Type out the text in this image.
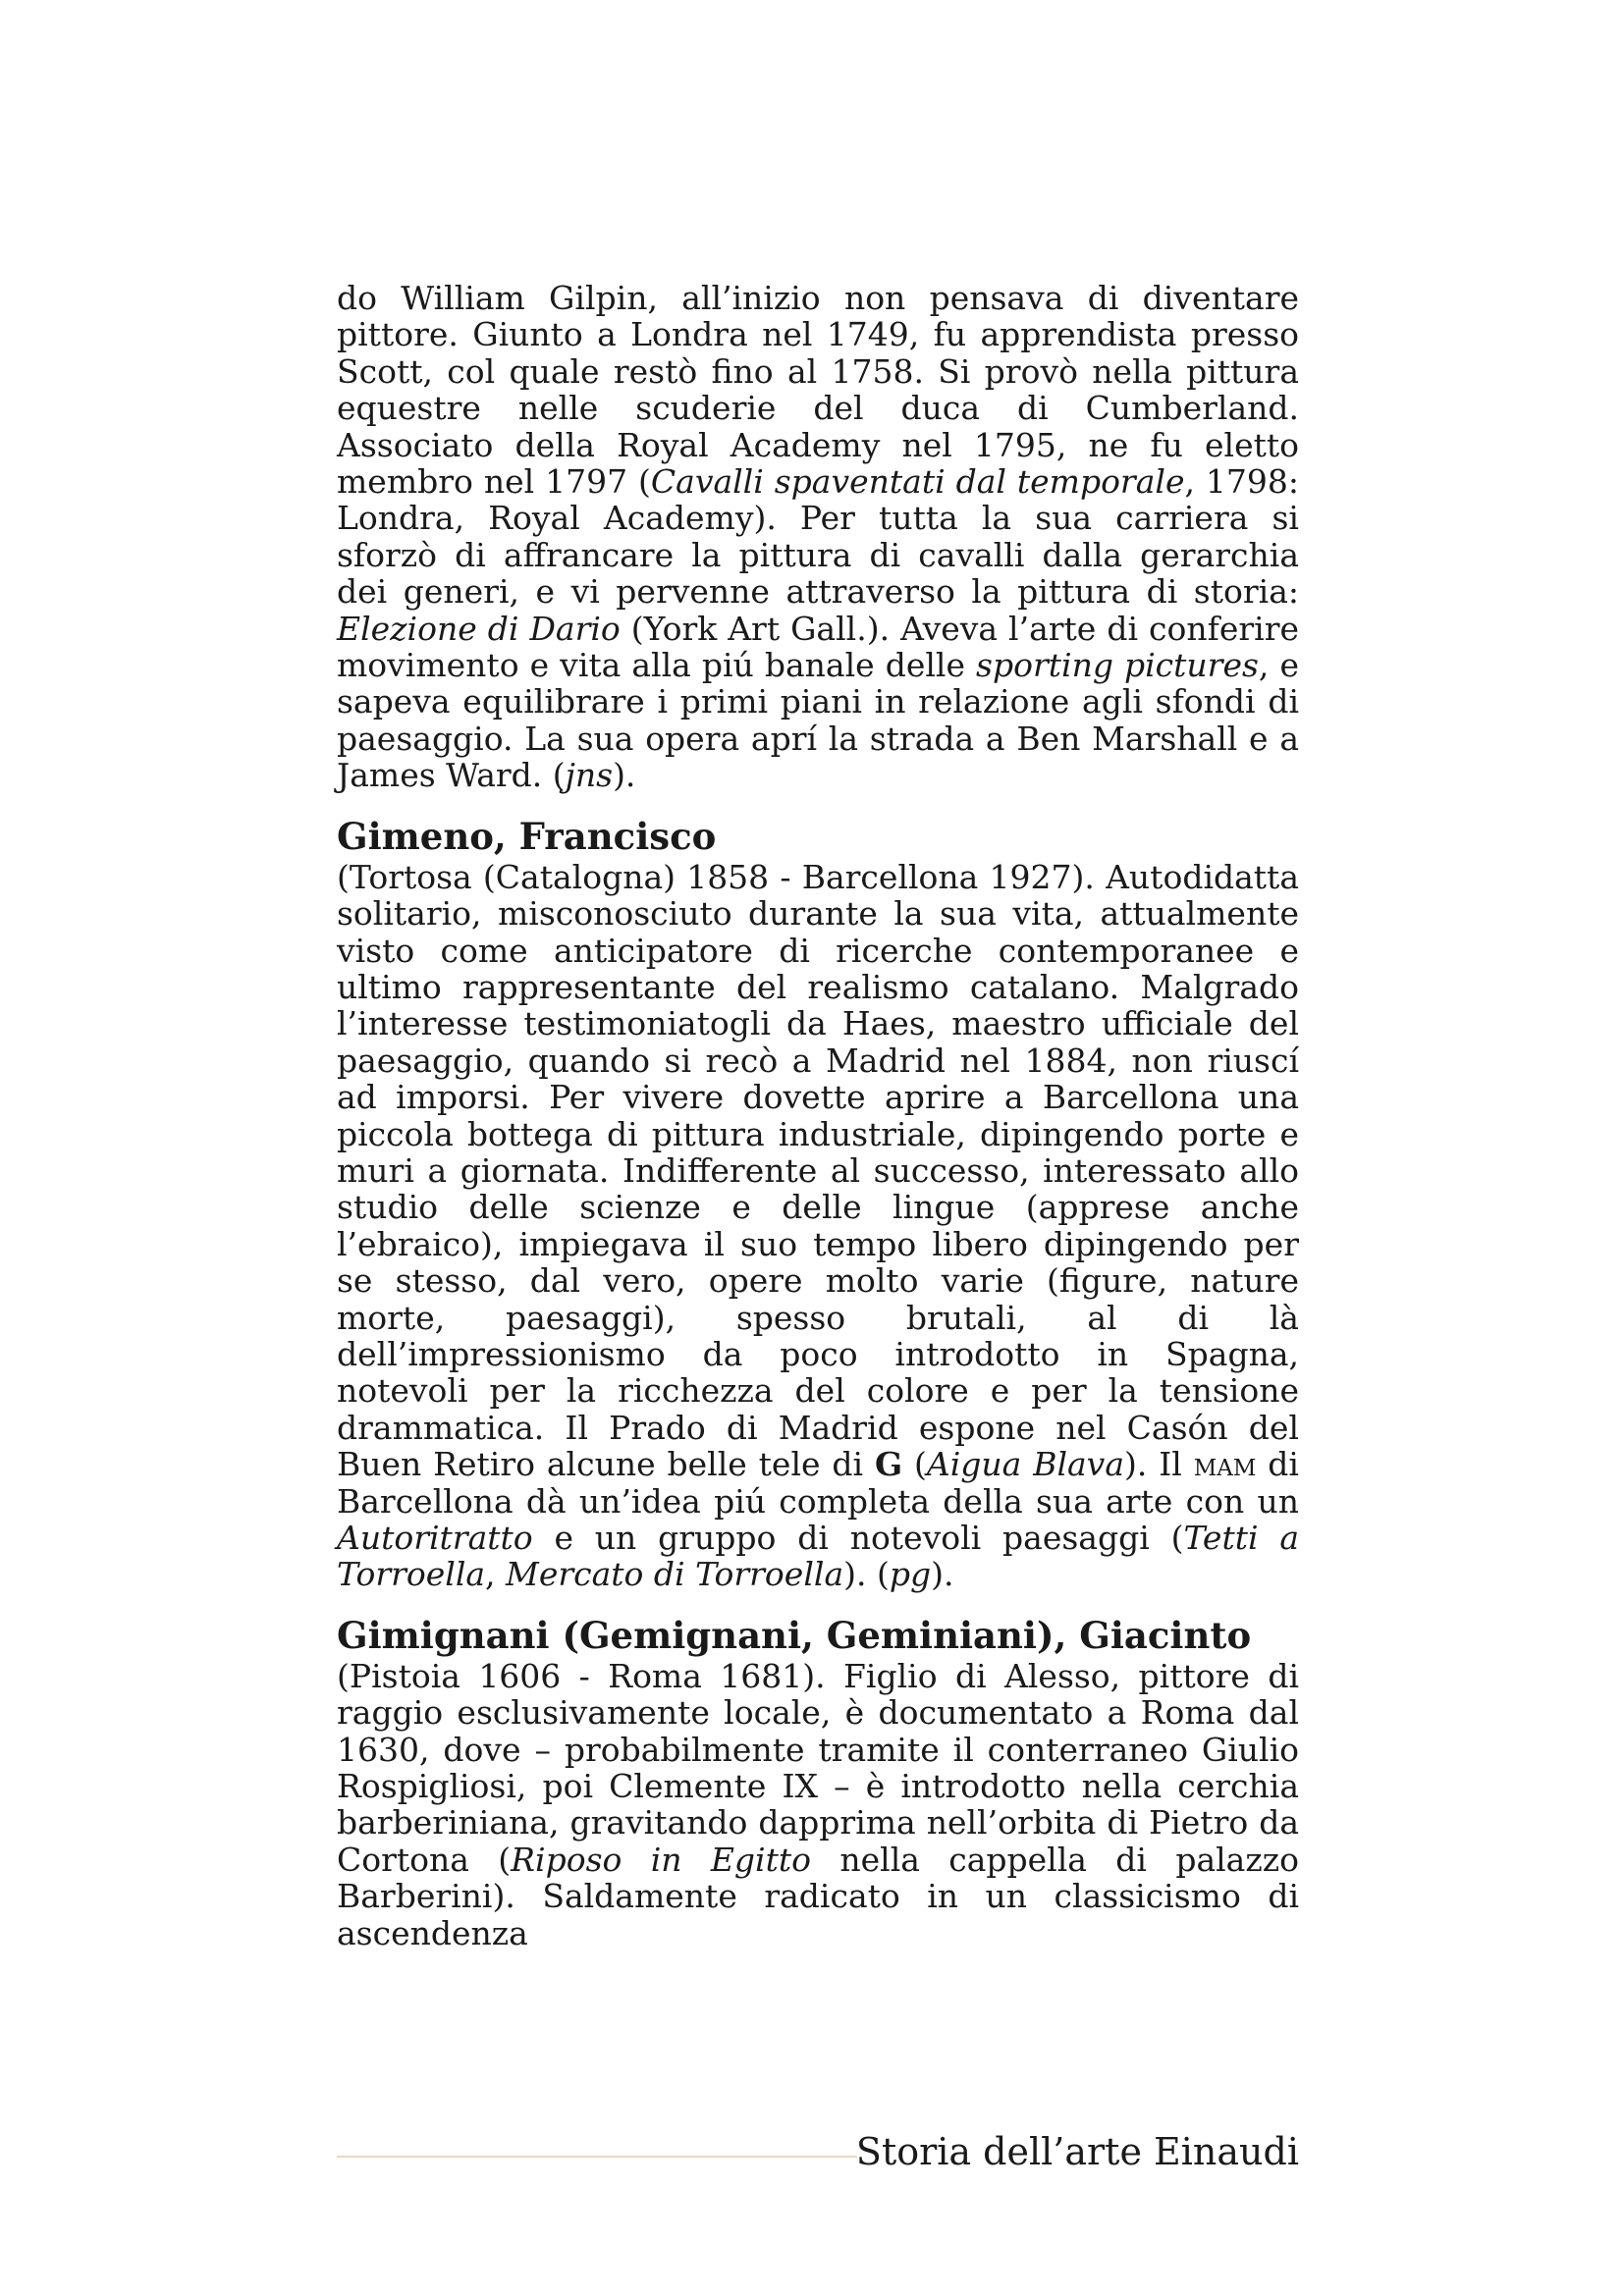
do William Gilpin, all’inizio non pensava di diventare pittore. Giunto a Londra nel 1749, fu apprendista presso Scott, col quale restò fino al 1758. Si provò nella pittura equestre nelle scuderie del duca di Cumberland. Associato della Royal Academy nel 1795, ne fu eletto membro nel 1797 (Cavalli spaventati dal temporale, 1798: Londra, Royal Academy). Per tutta la sua carriera si sforzò di affrancare la pittura di cavalli dalla gerarchia dei generi, e vi pervenne attraverso la pittura di storia: Elezione di Dario (York Art Gall.). Aveva l’arte di conferire movimento e vita alla piú banale delle sporting pictures, e sapeva equilibrare i primi piani in relazione agli sfondi di paesaggio. La sua opera aprí la strada a Ben Marshall e a James Ward. (jns).

Gimeno, Francisco

(Tortosa (Catalogna) 1858 - Barcellona 1927). Autodidatta solitario, misconosciuto durante la sua vita, attualmente visto come anticipatore di ricerche contemporanee e ultimo rappresentante del realismo catalano. Malgrado l’interesse testimoniatogli da Haes, maestro ufficiale del paesaggio, quando si recò a Madrid nel 1884, non riuscí ad imporsi. Per vivere dovette aprire a Barcellona una piccola bottega di pittura industriale, dipingendo porte e muri a giornata. Indifferente al successo, interessato allo studio delle scienze e delle lingue (apprese anche l’ebraico), impiegava il suo tempo libero dipingendo per se stesso, dal vero, opere molto varie (figure, nature morte, paesaggi), spesso brutali, al di là dell’impressionismo da poco introdotto in Spagna, notevoli per la ricchezza del colore e per la tensione drammatica. Il Prado di Madrid espone nel Casón del Buen Retiro alcune belle tele di G (Aigua Blava). Il mam di Barcellona dà un’idea piú completa della sua arte con un Autoritratto e un gruppo di notevoli paesaggi (Tetti a Torroella, Mercato di Torroella). (pg).

Gimignani (Gemignani, Geminiani), Giacinto

(Pistoia 1606 - Roma 1681). Figlio di Alesso, pittore di raggio esclusivamente locale, è documentato a Roma dal 1630, dove – probabilmente tramite il conterraneo Giulio Rospigliosi, poi Clemente IX – è introdotto nella cerchia barberiniana, gravitando dapprima nell’orbita di Pietro da Cortona (Riposo in Egitto nella cappella di palazzo Barberini). Saldamente radicato in un classicismo di ascendenza

Storia dell’arte Einaudi
